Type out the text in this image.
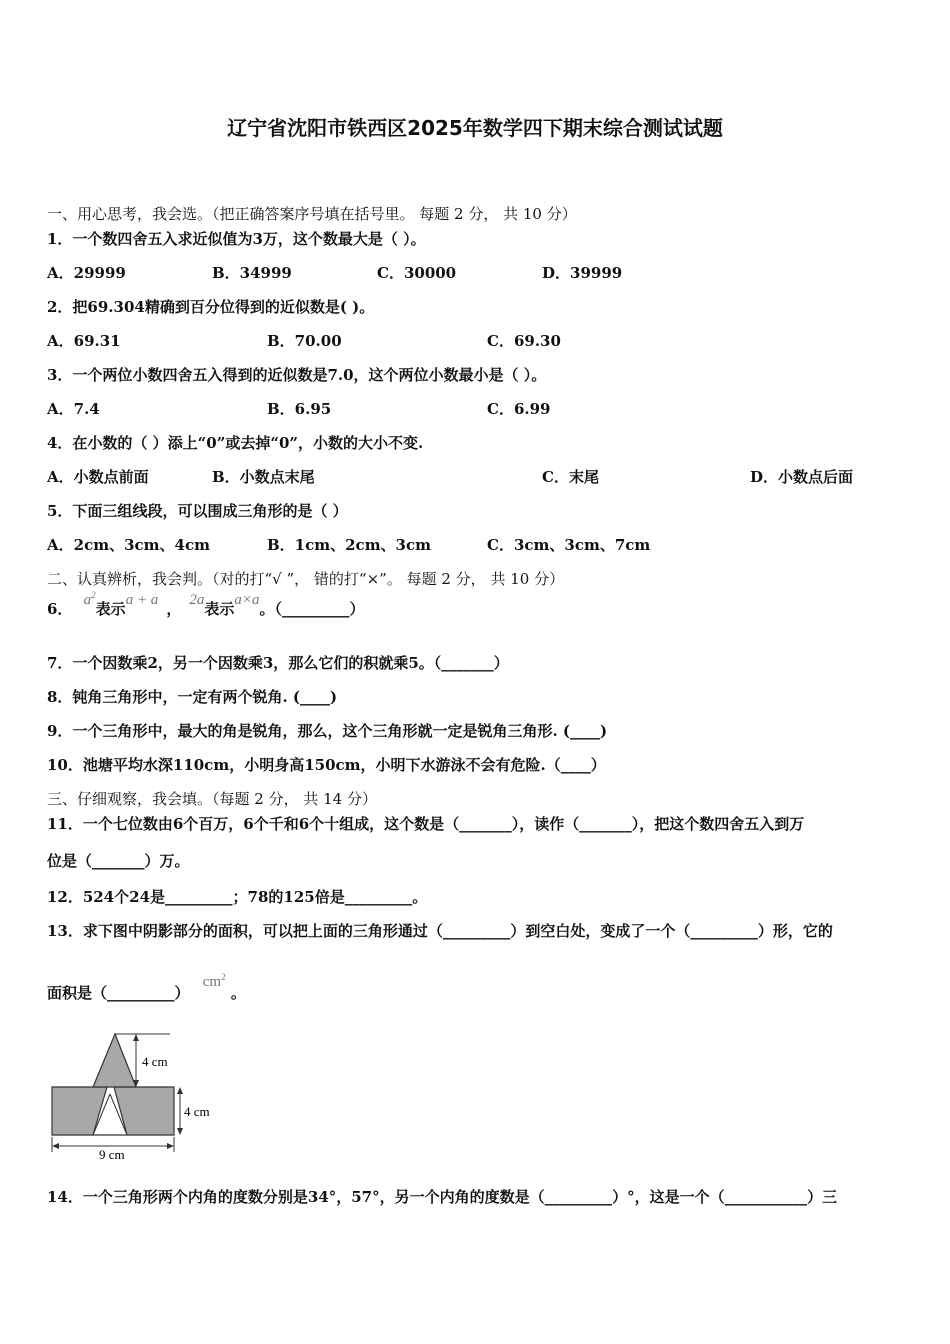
辽宁省沈阳市铁西区2025年数学四下期末综合测试试题
一、用心思考，我会选。（把正确答案序号填在括号里。 每题 2 分， 共 10 分）
1．一个数四舍五入求近似值为3万，这个数最大是（ ）。
A．29999	B．34999	C．30000	D．39999
2．把69.304精确到百分位得到的近似数是( )。
A．69.31	B．70.00	C．69.30
3．一个两位小数四舍五入得到的近似数是7.0，这个两位小数最小是（ ）。
A．7.4	B．6.95	C．6.99
4．在小数的（ ）添上“0”或去掉“0”，小数的大小不变.
A．小数点前面	B．小数点末尾	C．末尾	D．小数点后面
5．下面三组线段，可以围成三角形的是（ ）
A．2cm、3cm、4cm	B．1cm、2cm、3cm	C．3cm、3cm、7cm
二、认真辨析，我会判。（对的打“√ ”， 错的打“×”。 每题 2 分， 共 10 分）
6． $a^2$表示a + a ， 2a表示a×a。（_________）
7．一个因数乘2，另一个因数乘3，那么它们的积就乘5。（_______）
8．钝角三角形中，一定有两个锐角. (____)
9．一个三角形中，最大的角是锐角，那么，这个三角形就一定是锐角三角形. (____)
10．池塘平均水深110cm，小明身高150cm，小明下水游泳不会有危险.（____）
三、仔细观察，我会填。（每题 2 分， 共 14 分）
11．一个七位数由6个百万，6个千和6个十组成，这个数是（_______），读作（_______），把这个数四舍五入到万
位是（_______）万。
12．524个24是_________；78的125倍是_________。
13．求下图中阴影部分的面积，可以把上面的三角形通过（_________）到空白处，变成了一个（_________）形，它的
面积是（_________） $cm^2$ 。
4 cm
4 cm
9 cm
14．一个三角形两个内角的度数分别是34°，57°，另一个内角的度数是（_________）°，这是一个（___________）三
